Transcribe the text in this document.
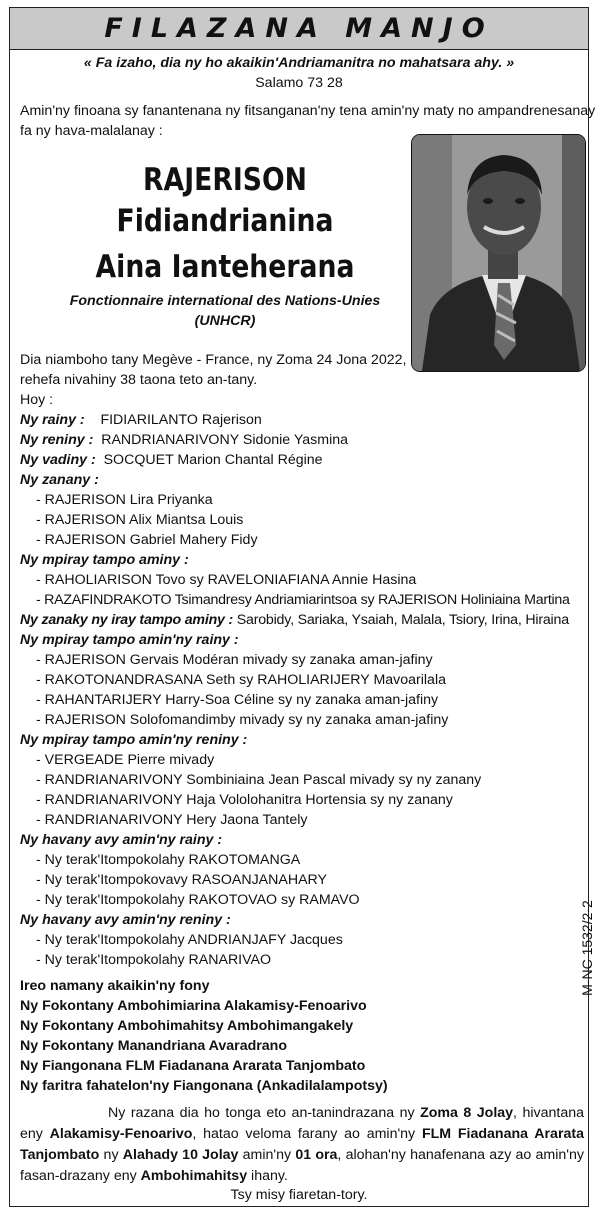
FILAZANA MANJO
« Fa izaho, dia ny ho akaikin'Andriamanitra no mahatsara ahy. »
Salamo 73 28
Amin'ny finoana sy fanantenana ny fitsanganan'ny tena amin'ny maty no ampandrenesanay
fa ny hava-malalanay :
RAJERISON
Fidiandrianina
Aina Ianteherana
Fonctionnaire international des Nations-Unies
(UNHCR)
Dia niamboho tany Megève - France, ny Zoma 24 Jona 2022,
rehefa nivahiny 38 taona teto an-tany.
Hoy :
Ny rainy : FIDIARILANTO Rajerison
Ny reniny : RANDRIANARIVONY Sidonie Yasmina
Ny vadiny : SOCQUET Marion Chantal Régine
Ny zanany :
- RAJERISON Lira Priyanka
- RAJERISON Alix Miantsa Louis
- RAJERISON Gabriel Mahery Fidy
Ny mpiray tampo aminy :
- RAHOLIARISON Tovo sy RAVELONIAFIANA Annie Hasina
- RAZAFINDRAKOTO Tsimandresy Andriamiarintsoa sy RAJERISON Holiniaina Martina
Ny zanaky ny iray tampo aminy : Sarobidy, Sariaka, Ysaiah, Malala, Tsiory, Irina, Hiraina
Ny mpiray tampo amin'ny rainy :
- RAJERISON Gervais Modéran mivady sy zanaka aman-jafiny
- RAKOTONANDRASANA Seth sy RAHOLIARIJERY Mavoarilala
- RAHANTARIJERY Harry-Soa Céline sy ny zanaka aman-jafiny
- RAJERISON Solofomandimby mivady sy ny zanaka aman-jafiny
Ny mpiray tampo amin'ny reniny :
- VERGEADE Pierre mivady
- RANDRIANARIVONY Sombiniaina Jean Pascal mivady sy ny zanany
- RANDRIANARIVONY Haja Vololohanitra Hortensia sy ny zanany
- RANDRIANARIVONY Hery Jaona Tantely
Ny havany avy amin'ny rainy :
- Ny terak'Itompokolahy RAKOTOMANGA
- Ny terak'Itompokovavy RASOANJANAHARY
- Ny terak'Itompokolahy RAKOTOVAO sy RAMAVO
Ny havany avy amin'ny reniny :
- Ny terak'Itompokolahy ANDRIANJAFY Jacques
- Ny terak'Itompokolahy RANARIVAO	M-NC 1532/2-2
Ireo namany akaikin'ny fony
Ny Fokontany Ambohimiarina Alakamisy-Fenoarivo
Ny Fokontany Ambohimahitsy Ambohimangakely
Ny Fokontany Manandriana Avaradrano
Ny Fiangonana FLM Fiadanana Ararata Tanjombato
Ny faritra fahatelon'ny Fiangonana (Ankadilalampotsy)
Ny razana dia ho tonga eto an-tanindrazana ny Zoma 8 Jolay, hivantana eny Alakamisy-Fenoarivo, hatao veloma farany ao amin'ny FLM Fiadanana Ararata Tanjombato ny Alahady 10 Jolay amin'ny 01 ora, alohan'ny hanafenana azy ao amin'ny fasan-drazany eny Ambohimahitsy ihany.
Tsy misy fiaretan-tory.
